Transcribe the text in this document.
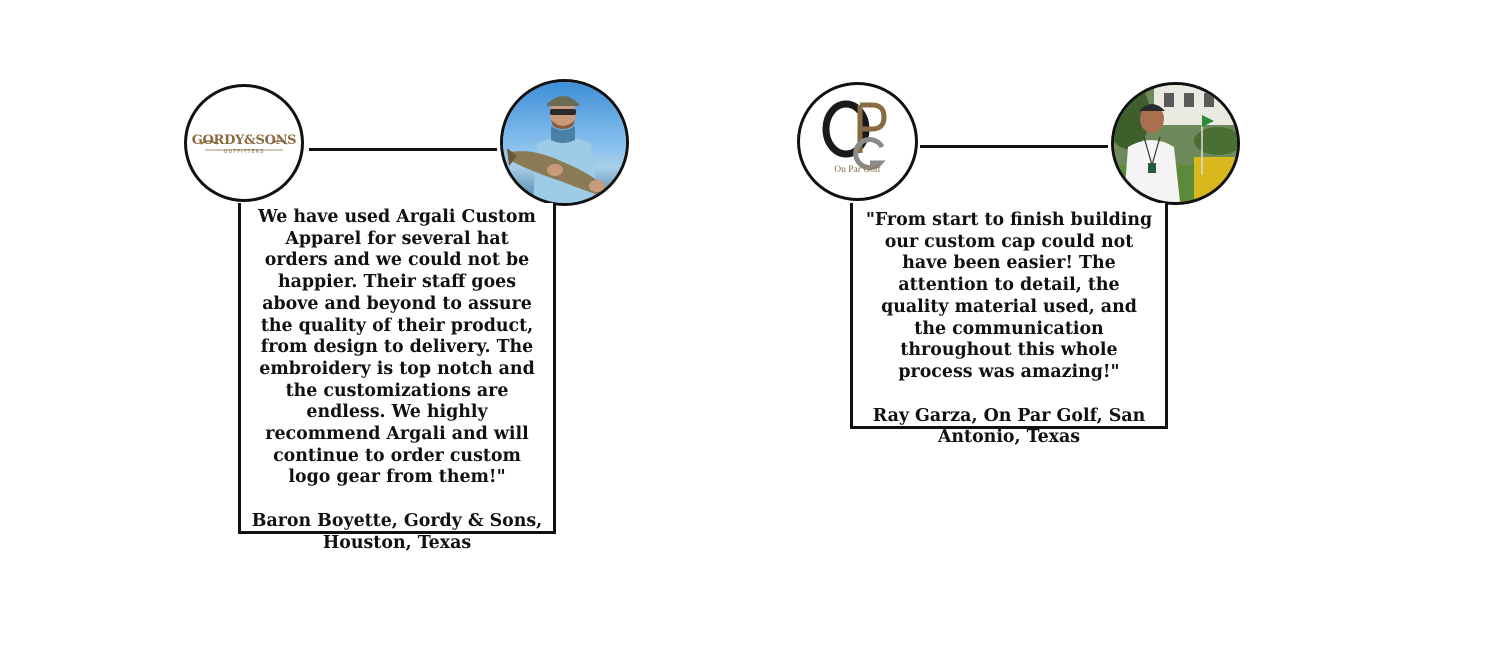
GORDY&SONS
OUTFITTERS
We have used Argali Custom Apparel for several hat orders and we could not be happier. Their staff goes above and beyond to assure the quality of their product, from design to delivery. The embroidery is top notch and the customizations are endless. We highly recommend Argali and will continue to order custom logo gear from them!"
Baron Boyette, Gordy & Sons, Houston, Texas
On Par Golf
"From start to finish building our custom cap could not have been easier! The attention to detail, the quality material used, and the communication throughout this whole process was amazing!"
Ray Garza, On Par Golf, San Antonio, Texas
